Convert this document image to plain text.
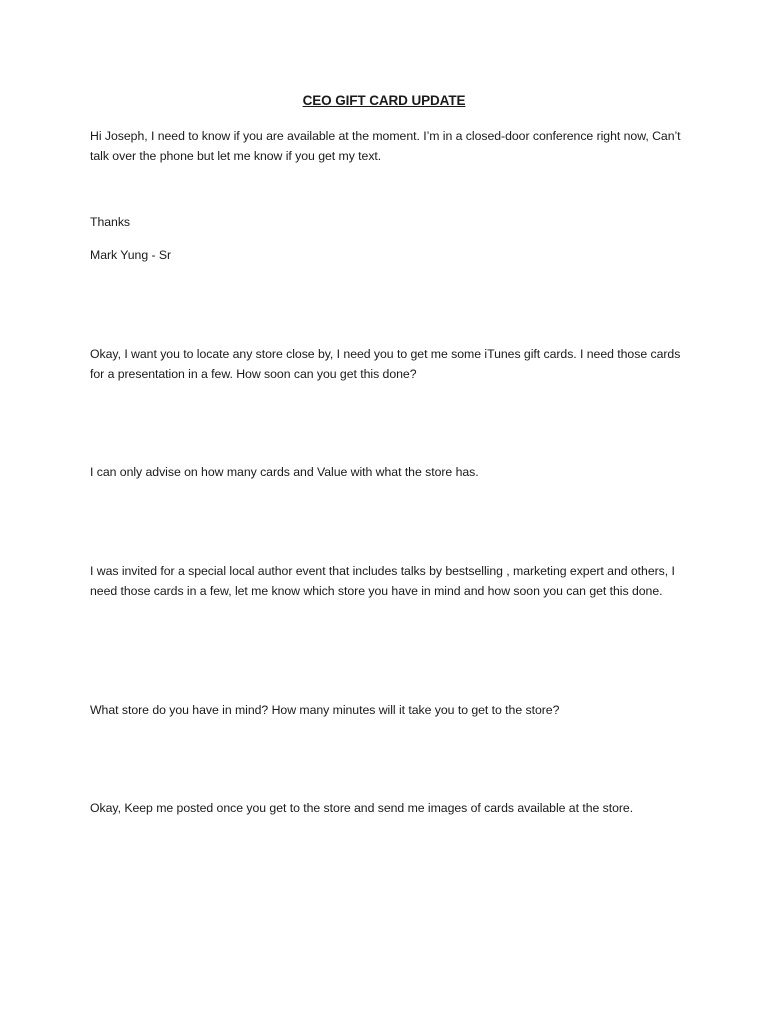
CEO GIFT CARD UPDATE

Hi Joseph, I need to know if you are available at the moment. I’m in a closed-door conference right now, Can’t talk over the phone but let me know if you get my text.

Thanks

Mark Yung - Sr

Okay, I want you to locate any store close by, I need you to get me some iTunes gift cards. I need those cards for a presentation in a few. How soon can you get this done?

I can only advise on how many cards and Value with what the store has.

I was invited for a special local author event that includes talks by bestselling , marketing expert and others, I need those cards in a few, let me know which store you have in mind and how soon you can get this done.

What store do you have in mind? How many minutes will it take you to get to the store?

Okay, Keep me posted once you get to the store and send me images of cards available at the store.
